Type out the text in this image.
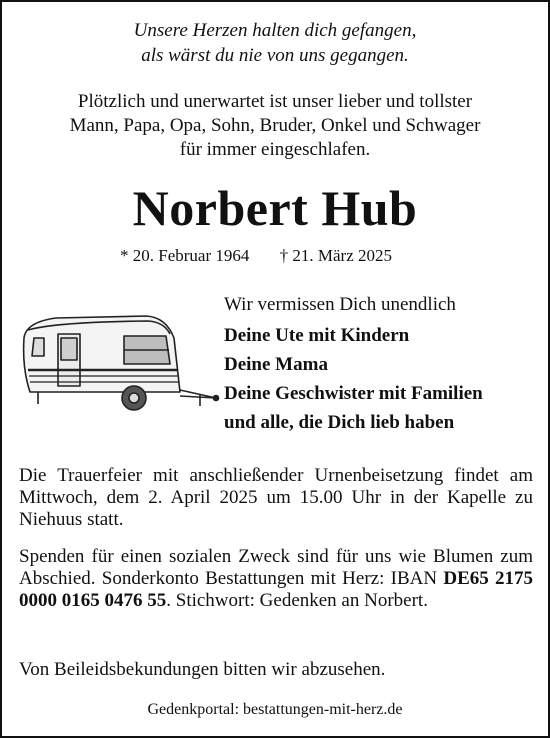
Unsere Herzen halten dich gefangen,
als wärst du nie von uns gegangen.
Plötzlich und unerwartet ist unser lieber und tollster
Mann, Papa, Opa, Sohn, Bruder, Onkel und Schwager
für immer eingeschlafen.
Norbert Hub
* 20. Februar 1964 † 21. März 2025
Wir vermissen Dich unendlich
Deine Ute mit Kindern
Deine Mama
Deine Geschwister mit Familien
und alle, die Dich lieb haben
Die Trauerfeier mit anschließender Urnenbeisetzung findet am Mittwoch, dem 2. April 2025 um 15.00 Uhr in der Kapelle zu Niehuus statt.
Spenden für einen sozialen Zweck sind für uns wie Blumen zum Abschied. Sonderkonto Bestattungen mit Herz: IBAN DE65 2175 0000 0165 0476 55. Stichwort: Gedenken an Norbert.
Von Beileidsbekundungen bitten wir abzusehen.
Gedenkportal: bestattungen-mit-herz.de
